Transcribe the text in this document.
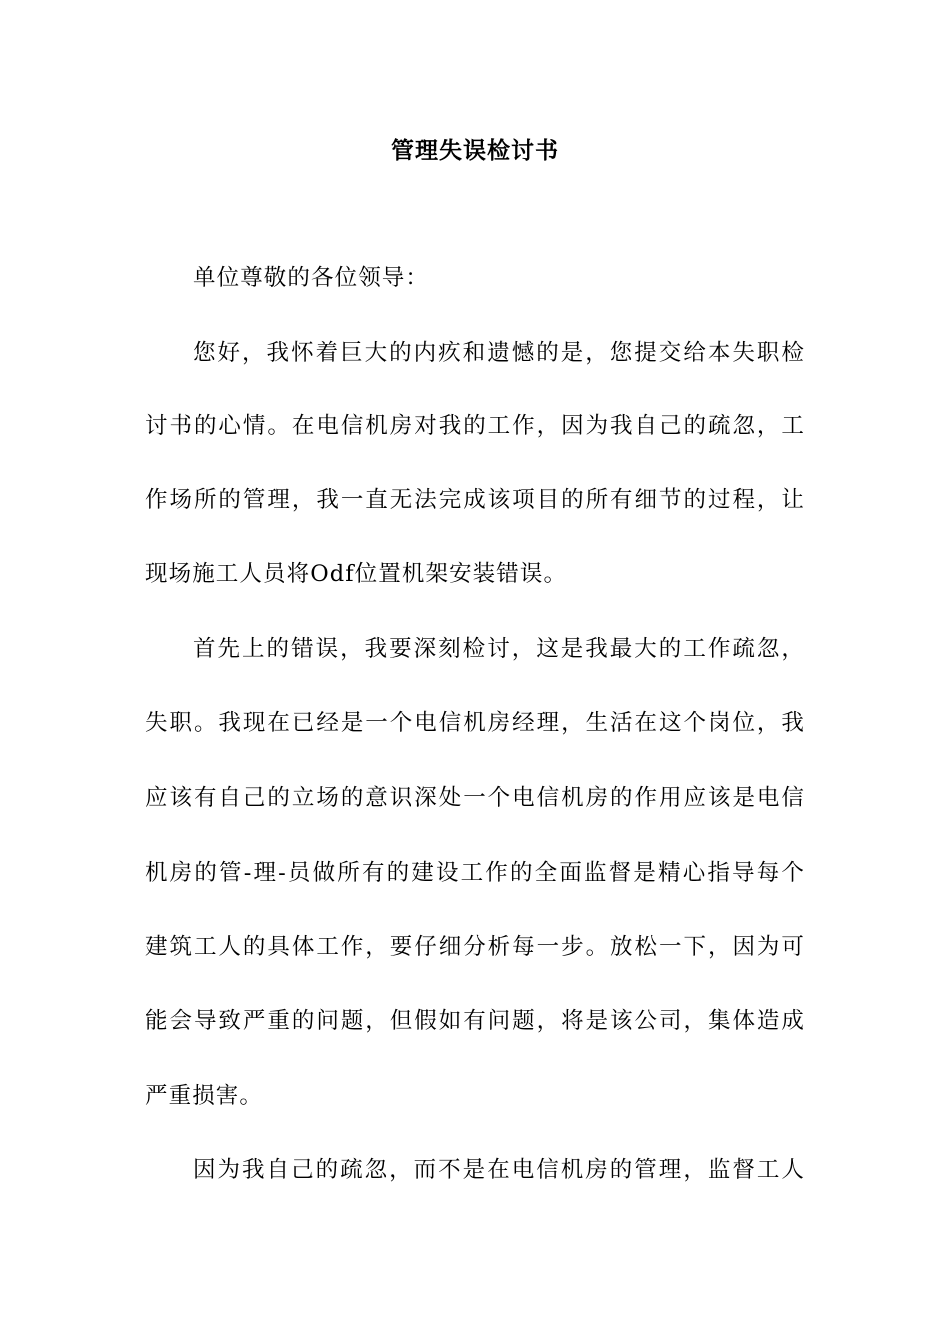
管理失误检讨书
单位尊敬的各位领导：
您好，我怀着巨大的内疚和遗憾的是，您提交给本失职检
讨书的心情。在电信机房对我的工作，因为我自己的疏忽，工
作场所的管理，我一直无法完成该项目的所有细节的过程，让
现场施工人员将Odf位置机架安装错误。
首先上的错误，我要深刻检讨，这是我最大的工作疏忽，
失职。我现在已经是一个电信机房经理，生活在这个岗位，我
应该有自己的立场的意识深处一个电信机房的作用应该是电信
机房的管-理-员做所有的建设工作的全面监督是精心指导每个
建筑工人的具体工作，要仔细分析每一步。放松一下，因为可
能会导致严重的问题，但假如有问题，将是该公司，集体造成
严重损害。
因为我自己的疏忽，而不是在电信机房的管理，监督工人
